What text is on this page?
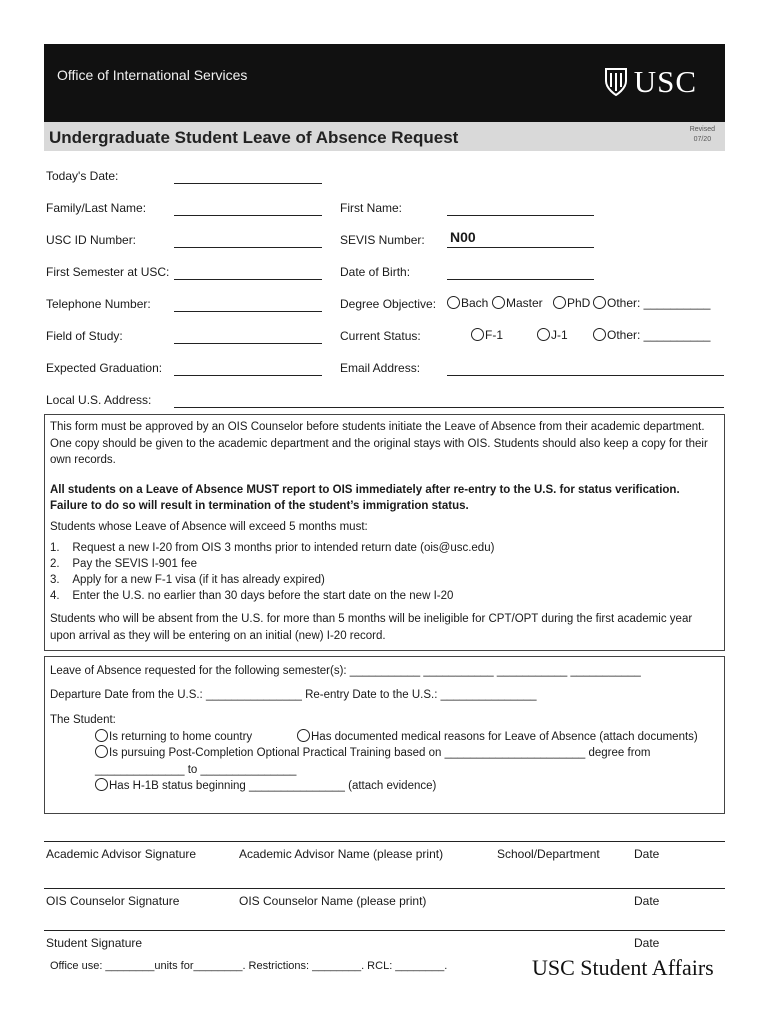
Office of International Services	USC
Undergraduate Student Leave of Absence Request	Revised
07/20
Today's Date:
Family/Last Name:	First Name:
USC ID Number:	SEVIS Number: N00
First Semester at USC:	Date of Birth:
Telephone Number:	Degree Objective:	Bach	Master	PhD	Other: __________
Field of Study:	Current Status:	F-1	J-1	Other: __________
Expected Graduation:	Email Address:
Local U.S. Address:
This form must be approved by an OIS Counselor before students initiate the Leave of Absence from their academic department. One copy should be given to the academic department and the original stays with OIS. Students should also keep a copy for their own records.
All students on a Leave of Absence MUST report to OIS immediately after re-entry to the U.S. for status verification.
Failure to do so will result in termination of the student’s immigration status.
Students whose Leave of Absence will exceed 5 months must:
1.    Request a new I-20 from OIS 3 months prior to intended return date (ois@usc.edu)
2.    Pay the SEVIS I-901 fee
3.    Apply for a new F-1 visa (if it has already expired)
4.    Enter the U.S. no earlier than 30 days before the start date on the new I-20
Students who will be absent from the U.S. for more than 5 months will be ineligible for CPT/OPT during the first academic year upon arrival as they will be entering on an initial (new) I-20 record.
Leave of Absence requested for the following semester(s): ___________ ___________ ___________ ___________
Departure Date from the U.S.: _______________ Re-entry Date to the U.S.: _______________
The Student:
Is returning to home country	Has documented medical reasons for Leave of Absence (attach documents)
Is pursuing Post-Completion Optional Practical Training based on ______________________ degree from
______________ to _______________
Has H-1B status beginning _______________ (attach evidence)
Academic Advisor Signature	Academic Advisor Name (please print)	School/Department	Date
OIS Counselor Signature	OIS Counselor Name (please print)	Date
Student Signature	Date
Office use: ________units for________. Restrictions: ________. RCL: ________.	USC Student Affairs
